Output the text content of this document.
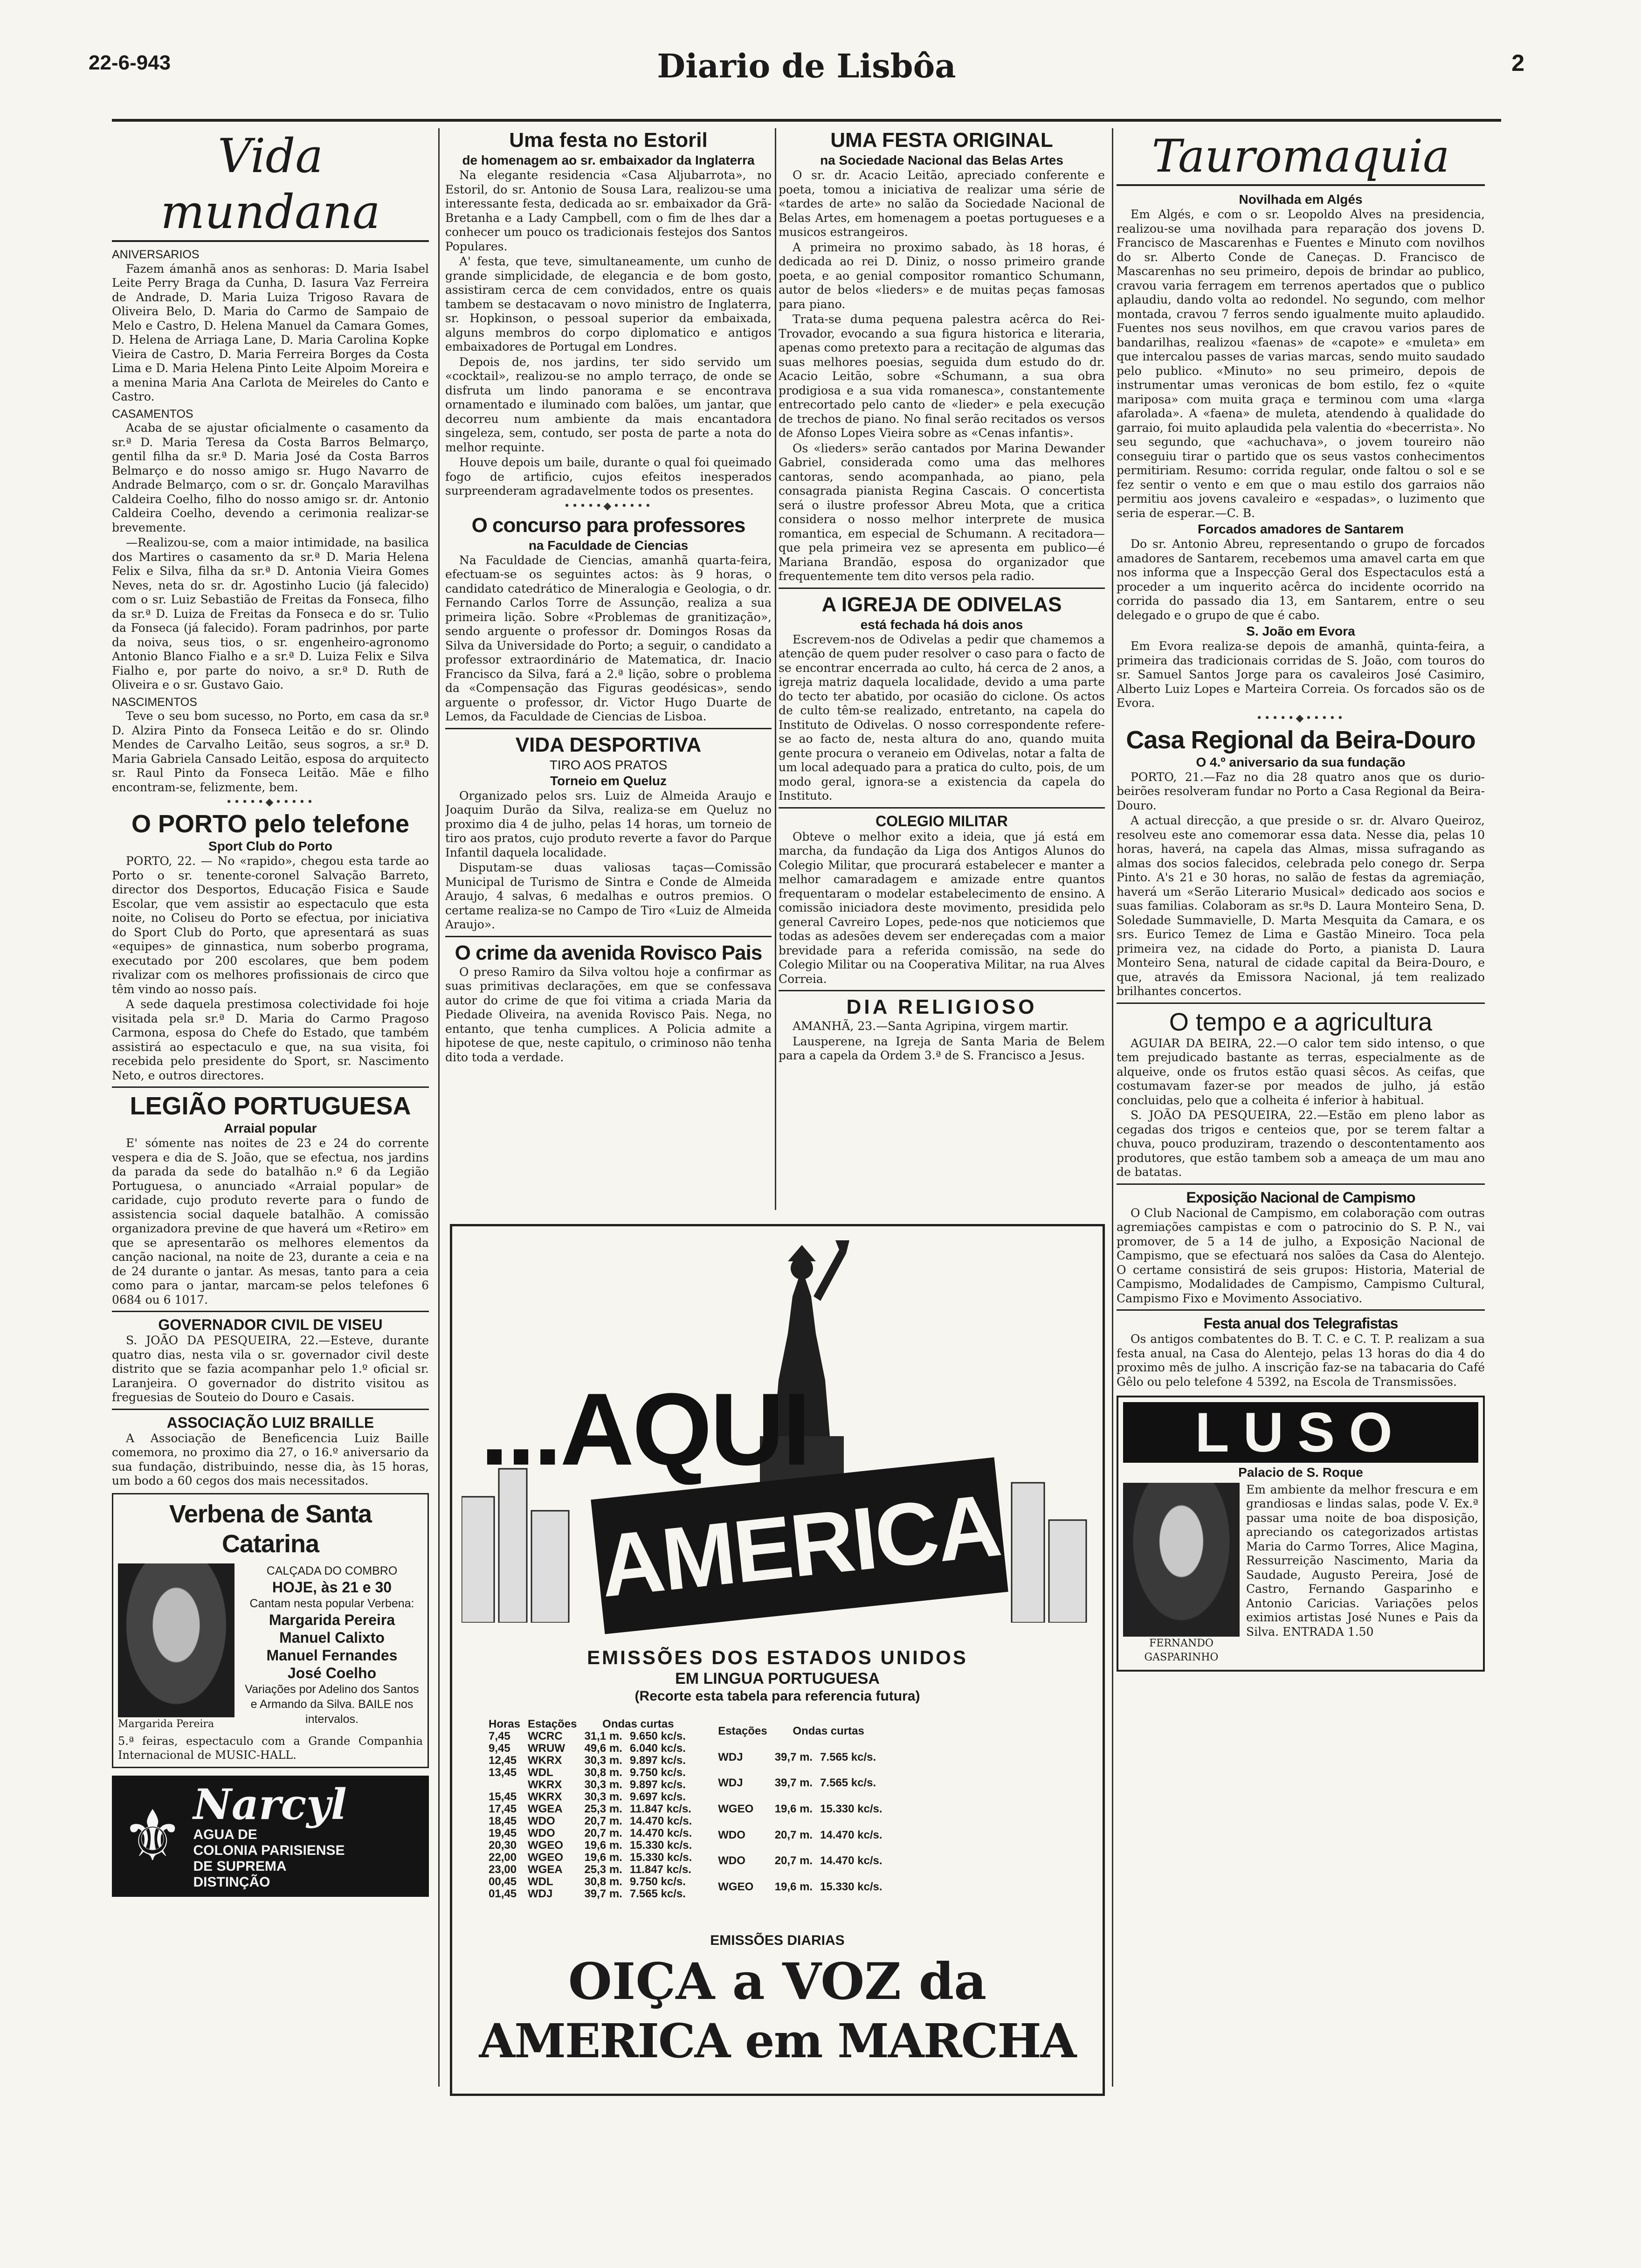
22-6-943	Diario de Lisbôa	2
Vida mundana
ANIVERSARIOS

Fazem ámanhã anos as senhoras: D. Maria Isabel Leite Perry Braga da Cunha, D. Iasura Vaz Ferreira de Andrade, D. Maria Luiza Trigoso Ravara de Oliveira Belo, D. Maria do Carmo de Sampaio de Melo e Castro, D. Helena Manuel da Camara Gomes, D. Helena de Arriaga Lane, D. Maria Carolina Kopke Vieira de Castro, D. Maria Ferreira Borges da Costa Lima e D. Maria Helena Pinto Leite Alpoim Moreira e a menina Maria Ana Carlota de Meireles do Canto e Castro.

CASAMENTOS

Acaba de se ajustar oficialmente o casamento da sr.ª D. Maria Teresa da Costa Barros Belmarço, gentil filha da sr.ª D. Maria José da Costa Barros Belmarço e do nosso amigo sr. Hugo Navarro de Andrade Belmarço, com o sr. dr. Gonçalo Maravilhas Caldeira Coelho, filho do nosso amigo sr. dr. Antonio Caldeira Coelho, devendo a cerimonia realizar-se brevemente.

—Realizou-se, com a maior intimidade, na basilica dos Martires o casamento da sr.ª D. Maria Helena Felix e Silva, filha da sr.ª D. Antonia Vieira Gomes Neves, neta do sr. dr. Agostinho Lucio (já falecido) com o sr. Luiz Sebastião de Freitas da Fonseca, filho da sr.ª D. Luiza de Freitas da Fonseca e do sr. Tulio da Fonseca (já falecido). Foram padrinhos, por parte da noiva, seus tios, o sr. engenheiro-agronomo Antonio Blanco Fialho e a sr.ª D. Luiza Felix e Silva Fialho e, por parte do noivo, a sr.ª D. Ruth de Oliveira e o sr. Gustavo Gaio.

NASCIMENTOS

Teve o seu bom sucesso, no Porto, em casa da sr.ª D. Alzira Pinto da Fonseca Leitão e do sr. Olindo Mendes de Carvalho Leitão, seus sogros, a sr.ª D. Maria Gabriela Cansado Leitão, esposa do arquitecto sr. Raul Pinto da Fonseca Leitão. Mãe e filho encontram-se, felizmente, bem.

•••••◆•••••
O PORTO pelo telefone
Sport Club do Porto

PORTO, 22. — No «rapido», chegou esta tarde ao Porto o sr. tenente-coronel Salvação Barreto, director dos Desportos, Educação Fisica e Saude Escolar, que vem assistir ao espectaculo que esta noite, no Coliseu do Porto se efectua, por iniciativa do Sport Club do Porto, que apresentará as suas «equipes» de ginnastica, num soberbo programa, executado por 200 escolares, que bem podem rivalizar com os melhores profissionais de circo que têm vindo ao nosso país.

A sede daquela prestimosa colectividade foi hoje visitada pela sr.ª D. Maria do Carmo Pragoso Carmona, esposa do Chefe do Estado, que também assistirá ao espectaculo e que, na sua visita, foi recebida pelo presidente do Sport, sr. Nascimento Neto, e outros directores.

LEGIÃO PORTUGUESA
Arraial popular

E' sómente nas noites de 23 e 24 do corrente vespera e dia de S. João, que se efectua, nos jardins da parada da sede do batalhão n.º 6 da Legião Portuguesa, o anunciado «Arraial popular» de caridade, cujo produto reverte para o fundo de assistencia social daquele batalhão. A comissão organizadora previne de que haverá um «Retiro» em que se apresentarão os melhores elementos da canção nacional, na noite de 23, durante a ceia e na de 24 durante o jantar. As mesas, tanto para a ceia como para o jantar, marcam-se pelos telefones 6 0684 ou 6 1017.

GOVERNADOR CIVIL DE VISEU

S. JOÃO DA PESQUEIRA, 22.—Esteve, durante quatro dias, nesta vila o sr. governador civil deste distrito que se fazia acompanhar pelo 1.º oficial sr. Laranjeira. O governador do distrito visitou as freguesias de Souteio do Douro e Casais.

ASSOCIAÇÃO LUIZ BRAILLE

A Associação de Beneficencia Luiz Baille comemora, no proximo dia 27, o 16.º aniversario da sua fundação, distribuindo, nesse dia, às 15 horas, um bodo a 60 cegos dos mais necessitados.

Verbena de Santa Catarina
Margarida Pereira
CALÇADA DO COMBRO
HOJE, às 21 e 30
Cantam nesta popular Verbena:
Margarida Pereira
Manuel Calixto
Manuel Fernandes
José Coelho
Variações por Adelino dos Santos e Armando da Silva. BAILE nos intervalos.
5.ª feiras, espectaculo com a Grande Companhia Internacional de MUSIC-HALL.
⚜ Narcyl
AGUA DE
COLONIA PARISIENSE
DE SUPREMA
DISTINÇÃO
Uma festa no Estoril
de homenagem ao sr. embaixador da Inglaterra

Na elegante residencia «Casa Aljubarrota», no Estoril, do sr. Antonio de Sousa Lara, realizou-se uma interessante festa, dedicada ao sr. embaixador da Grã-Bretanha e a Lady Campbell, com o fim de lhes dar a conhecer um pouco os tradicionais festejos dos Santos Populares.

A' festa, que teve, simultaneamente, um cunho de grande simplicidade, de elegancia e de bom gosto, assistiram cerca de cem convidados, entre os quais tambem se destacavam o novo ministro de Inglaterra, sr. Hopkinson, o pessoal superior da embaixada, alguns membros do corpo diplomatico e antigos embaixadores de Portugal em Londres.

Depois de, nos jardins, ter sido servido um «cocktail», realizou-se no amplo terraço, de onde se disfruta um lindo panorama e se encontrava ornamentado e iluminado com balões, um jantar, que decorreu num ambiente da mais encantadora singeleza, sem, contudo, ser posta de parte a nota do melhor requinte.

Houve depois um baile, durante o qual foi queimado fogo de artificio, cujos efeitos inesperados surpreenderam agradavelmente todos os presentes.

•••••◆•••••
O concurso para professores
na Faculdade de Ciencias

Na Faculdade de Ciencias, amanhã quarta-feira, efectuam-se os seguintes actos: às 9 horas, o candidato catedrático de Mineralogia e Geologia, o dr. Fernando Carlos Torre de Assunção, realiza a sua primeira lição. Sobre «Problemas de granitização», sendo arguente o professor dr. Domingos Rosas da Silva da Universidade do Porto; a seguir, o candidato a professor extraordinário de Matematica, dr. Inacio Francisco da Silva, fará a 2.ª lição, sobre o problema da «Compensação das Figuras geodésicas», sendo arguente o professor, dr. Victor Hugo Duarte de Lemos, da Faculdade de Ciencias de Lisboa.

VIDA DESPORTIVA
TIRO AOS PRATOS
Torneio em Queluz

Organizado pelos srs. Luiz de Almeida Araujo e Joaquim Durão da Silva, realiza-se em Queluz no proximo dia 4 de julho, pelas 14 horas, um torneio de tiro aos pratos, cujo produto reverte a favor do Parque Infantil daquela localidade.

Disputam-se duas valiosas taças—Comissão Municipal de Turismo de Sintra e Conde de Almeida Araujo, 4 salvas, 6 medalhas e outros premios. O certame realiza-se no Campo de Tiro «Luiz de Almeida Araujo».

O crime da avenida Rovisco Pais

O preso Ramiro da Silva voltou hoje a confirmar as suas primitivas declarações, em que se confessava autor do crime de que foi vitima a criada Maria da Piedade Oliveira, na avenida Rovisco Pais. Nega, no entanto, que tenha cumplices. A Policia admite a hipotese de que, neste capitulo, o criminoso não tenha dito toda a verdade.

UMA FESTA ORIGINAL
na Sociedade Nacional das Belas Artes

O sr. dr. Acacio Leitão, apreciado conferente e poeta, tomou a iniciativa de realizar uma série de «tardes de arte» no salão da Sociedade Nacional de Belas Artes, em homenagem a poetas portugueses e a musicos estrangeiros.

A primeira no proximo sabado, às 18 horas, é dedicada ao rei D. Diniz, o nosso primeiro grande poeta, e ao genial compositor romantico Schumann, autor de belos «lieders» e de muitas peças famosas para piano.

Trata-se duma pequena palestra acêrca do Rei-Trovador, evocando a sua figura historica e literaria, apenas como pretexto para a recitação de algumas das suas melhores poesias, seguida dum estudo do dr. Acacio Leitão, sobre «Schumann, a sua obra prodigiosa e a sua vida romanesca», constantemente entrecortado pelo canto de «lieder» e pela execução de trechos de piano. No final serão recitados os versos de Afonso Lopes Vieira sobre as «Cenas infantis».

Os «lieders» serão cantados por Marina Dewander Gabriel, considerada como uma das melhores cantoras, sendo acompanhada, ao piano, pela consagrada pianista Regina Cascais. O concertista será o ilustre professor Abreu Mota, que a critica considera o nosso melhor interprete de musica romantica, em especial de Schumann. A recitadora—que pela primeira vez se apresenta em publico—é Mariana Brandão, esposa do organizador que frequentemente tem dito versos pela radio.

A IGREJA DE ODIVELAS
está fechada há dois anos

Escrevem-nos de Odivelas a pedir que chamemos a atenção de quem puder resolver o caso para o facto de se encontrar encerrada ao culto, há cerca de 2 anos, a igreja matriz daquela localidade, devido a uma parte do tecto ter abatido, por ocasião do ciclone. Os actos de culto têm-se realizado, entretanto, na capela do Instituto de Odivelas. O nosso correspondente refere-se ao facto de, nesta altura do ano, quando muita gente procura o veraneio em Odivelas, notar a falta de um local adequado para a pratica do culto, pois, de um modo geral, ignora-se a existencia da capela do Instituto.

COLEGIO MILITAR

Obteve o melhor exito a ideia, que já está em marcha, da fundação da Liga dos Antigos Alunos do Colegio Militar, que procurará estabelecer e manter a melhor camaradagem e amizade entre quantos frequentaram o modelar estabelecimento de ensino. A comissão iniciadora deste movimento, presidida pelo general Cavreiro Lopes, pede-nos que noticiemos que todas as adesões devem ser endereçadas com a maior brevidade para a referida comissão, na sede do Colegio Militar ou na Cooperativa Militar, na rua Alves Correia.

DIA RELIGIOSO

AMANHÃ, 23.—Santa Agripina, virgem martir.

Lausperene, na Igreja de Santa Maria de Belem para a capela da Ordem 3.ª de S. Francisco a Jesus.

...AQUI
AMERICA
EMISSÕES DOS ESTADOS UNIDOS
EM LINGUA PORTUGUESA
(Recorte esta tabela para referencia futura)
Horas	Estações	Ondas curtas	
7,45	WCRC	31,1 m.	9.650 kc/s.
9,45	WRUW	49,6 m.	6.040 kc/s.
12,45	WKRX	30,3 m.	9.897 kc/s.
13,45	WDL	30,8 m.	9.750 kc/s.
	WKRX	30,3 m.	9.897 kc/s.
15,45	WKRX	30,3 m.	9.697 kc/s.
17,45	WGEA	25,3 m.	11.847 kc/s.
18,45	WDO	20,7 m.	14.470 kc/s.
19,45	WDO	20,7 m.	14.470 kc/s.
20,30	WGEO	19,6 m.	15.330 kc/s.
22,00	WGEO	19,6 m.	15.330 kc/s.
23,00	WGEA	25,3 m.	11.847 kc/s.
00,45	WDL	30,8 m.	9.750 kc/s.
01,45	WDJ	39,7 m.	7.565 kc/s.
Estações	Ondas curtas	
WDJ	39,7 m.	7.565 kc/s.
WDJ	39,7 m.	7.565 kc/s.
WGEO	19,6 m.	15.330 kc/s.
WDO	20,7 m.	14.470 kc/s.
WDO	20,7 m.	14.470 kc/s.
WGEO	19,6 m.	15.330 kc/s.
EMISSÕES DIARIAS
OIÇA a VOZ da
AMERICA em MARCHA
Tauromaquia
Novilhada em Algés

Em Algés, e com o sr. Leopoldo Alves na presidencia, realizou-se uma novilhada para reparação dos jovens D. Francisco de Mascarenhas e Fuentes e Minuto com novilhos do sr. Alberto Conde de Caneças. D. Francisco de Mascarenhas no seu primeiro, depois de brindar ao publico, cravou varia ferragem em terrenos apertados que o publico aplaudiu, dando volta ao redondel. No segundo, com melhor montada, cravou 7 ferros sendo igualmente muito aplaudido. Fuentes nos seus novilhos, em que cravou varios pares de bandarilhas, realizou «faenas» de «capote» e «muleta» em que intercalou passes de varias marcas, sendo muito saudado pelo publico. «Minuto» no seu primeiro, depois de instrumentar umas veronicas de bom estilo, fez o «quite mariposa» com muita graça e terminou com uma «larga afarolada». A «faena» de muleta, atendendo à qualidade do garraio, foi muito aplaudida pela valentia do «becerrista». No seu segundo, que «achuchava», o jovem toureiro não conseguiu tirar o partido que os seus vastos conhecimentos permitiriam. Resumo: corrida regular, onde faltou o sol e se fez sentir o vento e em que o mau estilo dos garraios não permitiu aos jovens cavaleiro e «espadas», o luzimento que seria de esperar.—C. B.

Forcados amadores de Santarem

Do sr. Antonio Abreu, representando o grupo de forcados amadores de Santarem, recebemos uma amavel carta em que nos informa que a Inspecção Geral dos Espectaculos está a proceder a um inquerito acêrca do incidente ocorrido na corrida do passado dia 13, em Santarem, entre o seu delegado e o grupo de que é cabo.

S. João em Evora

Em Evora realiza-se depois de amanhã, quinta-feira, a primeira das tradicionais corridas de S. João, com touros do sr. Samuel Santos Jorge para os cavaleiros José Casimiro, Alberto Luiz Lopes e Marteira Correia. Os forcados são os de Evora.

•••••◆•••••
Casa Regional da Beira-Douro
O 4.º aniversario da sua fundação

PORTO, 21.—Faz no dia 28 quatro anos que os durio-beirões resolveram fundar no Porto a Casa Regional da Beira-Douro.

A actual direcção, a que preside o sr. dr. Alvaro Queiroz, resolveu este ano comemorar essa data. Nesse dia, pelas 10 horas, haverá, na capela das Almas, missa sufragando as almas dos socios falecidos, celebrada pelo conego dr. Serpa Pinto. A's 21 e 30 horas, no salão de festas da agremiação, haverá um «Serão Literario Musical» dedicado aos socios e suas familias. Colaboram as sr.ªs D. Laura Monteiro Sena, D. Soledade Summavielle, D. Marta Mesquita da Camara, e os srs. Eurico Temez de Lima e Gastão Mineiro. Toca pela primeira vez, na cidade do Porto, a pianista D. Laura Monteiro Sena, natural de cidade capital da Beira-Douro, e que, através da Emissora Nacional, já tem realizado brilhantes concertos.

O tempo e a agricultura

AGUIAR DA BEIRA, 22.—O calor tem sido intenso, o que tem prejudicado bastante as terras, especialmente as de alqueive, onde os frutos estão quasi sêcos. As ceifas, que costumavam fazer-se por meados de julho, já estão concluidas, pelo que a colheita é inferior à habitual.

S. JOÃO DA PESQUEIRA, 22.—Estão em pleno labor as cegadas dos trigos e centeios que, por se terem faltar a chuva, pouco produziram, trazendo o descontentamento aos produtores, que estão tambem sob a ameaça de um mau ano de batatas.

Exposição Nacional de Campismo

O Club Nacional de Campismo, em colaboração com outras agremiações campistas e com o patrocinio do S. P. N., vai promover, de 5 a 14 de julho, a Exposição Nacional de Campismo, que se efectuará nos salões da Casa do Alentejo. O certame consistirá de seis grupos: Historia, Material de Campismo, Modalidades de Campismo, Campismo Cultural, Campismo Fixo e Movimento Associativo.

Festa anual dos Telegrafistas

Os antigos combatentes do B. T. C. e C. T. P. realizam a sua festa anual, na Casa do Alentejo, pelas 13 horas do dia 4 do proximo mês de julho. A inscrição faz-se na tabacaria do Café Gêlo ou pelo telefone 4 5392, na Escola de Transmissões.

LUSO
Palacio de S. Roque
FERNANDO GASPARINHO
Em ambiente da melhor frescura e em grandiosas e lindas salas, pode V. Ex.ª passar uma noite de boa disposição, apreciando os categorizados artistas Maria do Carmo Torres, Alice Magina, Ressurreição Nascimento, Maria da Saudade, Augusto Pereira, José de Castro, Fernando Gasparinho e Antonio Caricias. Variações pelos eximios artistas José Nunes e Pais da Silva. ENTRADA 1.50
